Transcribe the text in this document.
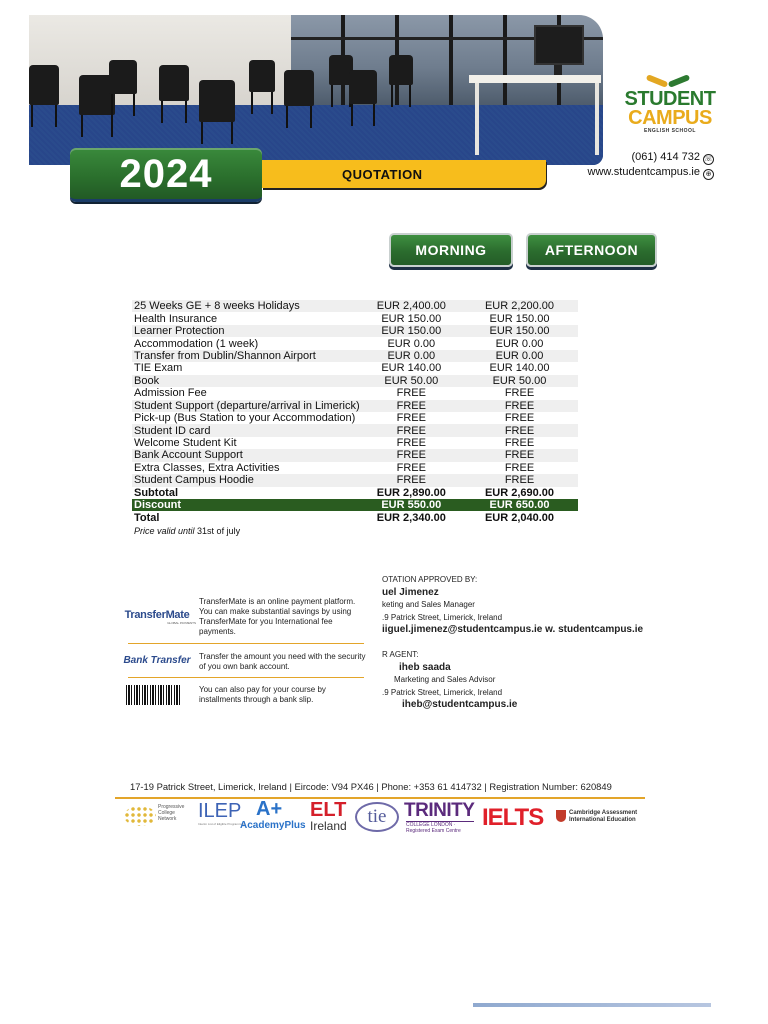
QUOTATION
2024
STUDENT
CAMPUS
ENGLISH SCHOOL
(061) 414 732 ☏
www.studentcampus.ie ⊕
MORNING	AFTERNOON
25 Weeks GE + 8 weeks Holidays	EUR 2,400.00	EUR 2,200.00
Health Insurance	EUR 150.00	EUR 150.00
Learner Protection	EUR 150.00	EUR 150.00
Accommodation (1 week)	EUR 0.00	EUR 0.00
Transfer from Dublin/Shannon Airport	EUR 0.00	EUR 0.00
TIE Exam	EUR 140.00	EUR 140.00
Book	EUR 50.00	EUR 50.00
Admission Fee	FREE	FREE
Student Support (departure/arrival in Limerick)	FREE	FREE
Pick-up (Bus Station to your Accommodation)	FREE	FREE
Student ID card	FREE	FREE
Welcome Student Kit	FREE	FREE
Bank Account Support	FREE	FREE
Extra Classes, Extra Activities	FREE	FREE
Student Campus Hoodie	FREE	FREE
Subtotal	EUR 2,890.00	EUR 2,690.00
Discount	EUR 550.00	EUR 650.00
Total	EUR 2,340.00	EUR 2,040.00
Price valid until 31st of july
TransferMate
GLOBAL PAYMENTS
TransferMate is an online payment platform. You can make substantial savings by using TransferMate for you International fee payments.
Bank Transfer	Transfer the amount you need with the security of you own bank account.
You can also pay for your course by installments through a bank slip.
OTATION APPROVED BY:
uel Jimenez
keting and Sales Manager
.9 Patrick Street, Limerick, Ireland
iiguel.jimenez@studentcampus.ie w. studentcampus.ie
R AGENT:
iheb saada
Marketing and Sales Advisor
.9 Patrick Street, Limerick, Ireland
iheb@studentcampus.ie
17-19 Patrick Street, Limerick, Ireland | Eircode: V94 PX46 | Phone: +353 61 414732 | Registration Number: 620849
Progressive College Network	ILEP
Interim List of Eligible Programmes
A+
AcademyPlus
ELT
Ireland	tie TRINITY
COLLEGE LONDON · Registered Exam Centre IELTS	Cambridge Assessment International Education
